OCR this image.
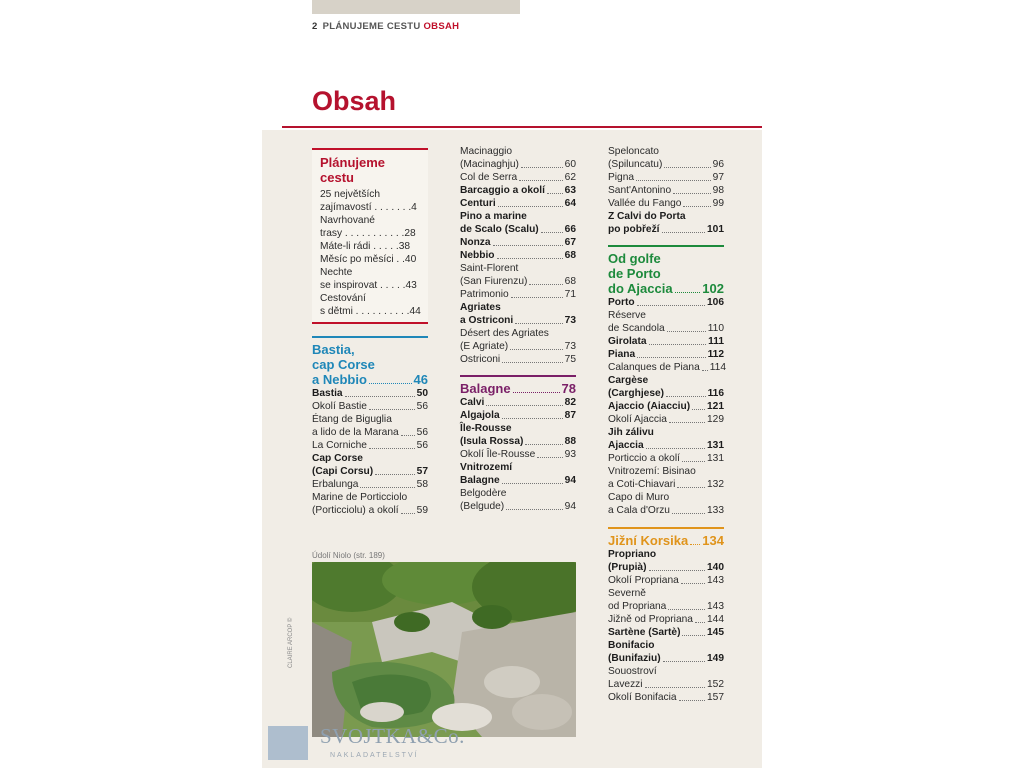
2 PLÁNUJEME CESTU OBSAH
Obsah
Plánujeme
cestu
25 největších
zajímavostí . . . . . . .4
Navrhované
trasy . . . . . . . . . . .28
Máte-li rádi . . . . .38
Měsíc po měsíci . .40
Nechte
se inspirovat . . . . .43
Cestování
s dětmi . . . . . . . . . .44
Bastia,
cap Corse
a Nebbio	46
Bastia	50
Okolí Bastie	56
Étang de Biguglia
a lido de la Marana 56
La Corniche	56
Cap Corse
(Capi Corsu)	57
Erbalunga	58
Marine de Porticciolo
(Porticciolu) a okolí 59
Údolí Niolo (str. 189)
CLAIRE ARCOP ©
Macinaggio
(Macinaghju)	60
Col de Serra	62
Barcaggio a okolí 63
Centuri	64
Pino a marine
de Scalo (Scalu)	66
Nonza	67
Nebbio	68
Saint-Florent
(San Fiurenzu)	68
Patrimonio	71
Agriates
a Ostriconi	73
Désert des Agriates
(E Agriate)	73
Ostriconi	75
Balagne	78
Calvi	82
Algajola	87
Île-Rousse
(Isula Rossa)	88
Okolí Île-Rousse	93
Vnitrozemí
Balagne	94
Belgodère
(Belgude)	94
Speloncato
(Spiluncatu)	96
Pigna	97
Sant'Antonino	98
Vallée du Fango	99
Z Calvi do Porta
po pobřeží	101
Od golfe
de Porto
do Ajaccia 102
Porto	106
Réserve
de Scandola	110
Girolata	111
Piana	112
Calanques de Piana 114
Cargèse
(Carghjese)	116
Ajaccio (Aiacciu) 121
Okolí Ajaccia	129
Jih zálivu
Ajaccia	131
Porticcio a okolí	131
Vnitrozemí: Bisinao
a Coti-Chiavari	132
Capo di Muro
a Cala d'Orzu	133
Jižní Korsika 134
Propriano
(Prupià)	140
Okolí Propriana	143
Severně
od Propriana	143
Jižně od Propriana 144
Sartène (Sartè)	145
Bonifacio
(Bunifaziu)	149
Souostroví
Lavezzi	152
Okolí Bonifacia	157
SVOJTKA&Co.
NAKLADATELSTVÍ
